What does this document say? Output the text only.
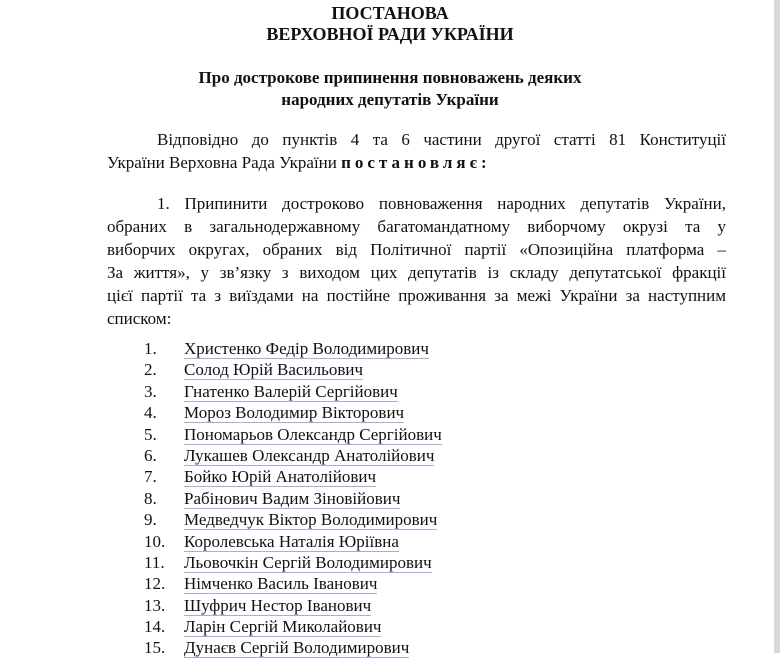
ПОСТАНОВА
ВЕРХОВНОЇ РАДИ УКРАЇНИ
Про дострокове припинення повноважень деяких
народних депутатів України
Відповідно до пунктів 4 та 6 частини другої статті 81 Конституції
України Верховна Рада України постановляє:
1. Припинити достроково повноваження народних депутатів України,
обраних в загальнодержавному багатомандатному виборчому окрузі та у
виборчих округах, обраних від Політичної партії «Опозиційна платформа –
За життя», у зв’язку з виходом цих депутатів із складу депутатської фракції
цієї партії та з виїздами на постійне проживання за межі України за наступним
списком:
1. Христенко Федір Володимирович
2. Солод Юрій Васильович
3. Гнатенко Валерій Сергійович
4. Мороз Володимир Вікторович
5. Пономарьов Олександр Сергійович
6. Лукашев Олександр Анатолійович
7. Бойко Юрій Анатолійович
8. Рабінович Вадим Зіновійович
9. Медведчук Віктор Володимирович
10. Королевська Наталія Юріївна
11. Льовочкін Сергій Володимирович
12. Німченко Василь Іванович
13. Шуфрич Нестор Іванович
14. Ларін Сергій Миколайович
15. Дунаєв Сергій Володимирович
